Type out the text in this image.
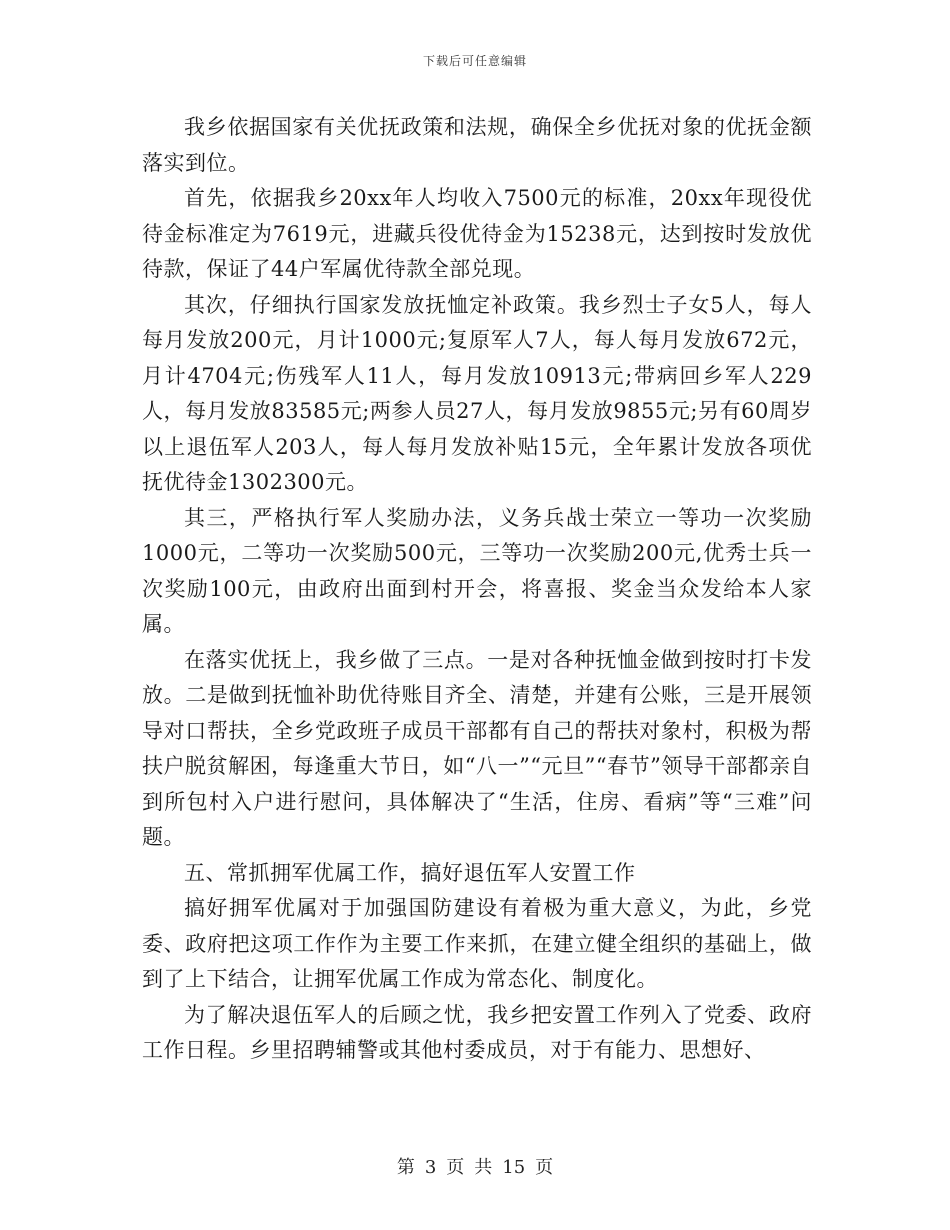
下载后可任意编辑

我乡依据国家有关优抚政策和法规，确保全乡优抚对象的优抚金额落实到位。

首先，依据我乡20xx年人均收入7500元的标准，20xx年现役优待金标准定为7619元，进藏兵役优待金为15238元，达到按时发放优待款，保证了44户军属优待款全部兑现。

其次，仔细执行国家发放抚恤定补政策。我乡烈士子女5人，每人每月发放200元，月计1000元;复原军人7人，每人每月发放672元，月计4704元;伤残军人11人，每月发放10913元;带病回乡军人229人，每月发放83585元;两参人员27人，每月发放9855元;另有60周岁以上退伍军人203人，每人每月发放补贴15元，全年累计发放各项优抚优待金1302300元。

其三，严格执行军人奖励办法，义务兵战士荣立一等功一次奖励1000元，二等功一次奖励500元，三等功一次奖励200元,优秀士兵一次奖励100元，由政府出面到村开会，将喜报、奖金当众发给本人家属。

在落实优抚上，我乡做了三点。一是对各种抚恤金做到按时打卡发放。二是做到抚恤补助优待账目齐全、清楚，并建有公账，三是开展领导对口帮扶，全乡党政班子成员干部都有自己的帮扶对象村，积极为帮扶户脱贫解困，每逢重大节日，如“八一”“元旦”“春节”领导干部都亲自到所包村入户进行慰问，具体解决了“生活，住房、看病”等“三难”问题。

五、常抓拥军优属工作，搞好退伍军人安置工作

搞好拥军优属对于加强国防建设有着极为重大意义，为此，乡党委、政府把这项工作作为主要工作来抓，在建立健全组织的基础上，做到了上下结合，让拥军优属工作成为常态化、制度化。

为了解决退伍军人的后顾之忧，我乡把安置工作列入了党委、政府工作日程。乡里招聘辅警或其他村委成员，对于有能力、思想好、

第 3 页 共 15 页
